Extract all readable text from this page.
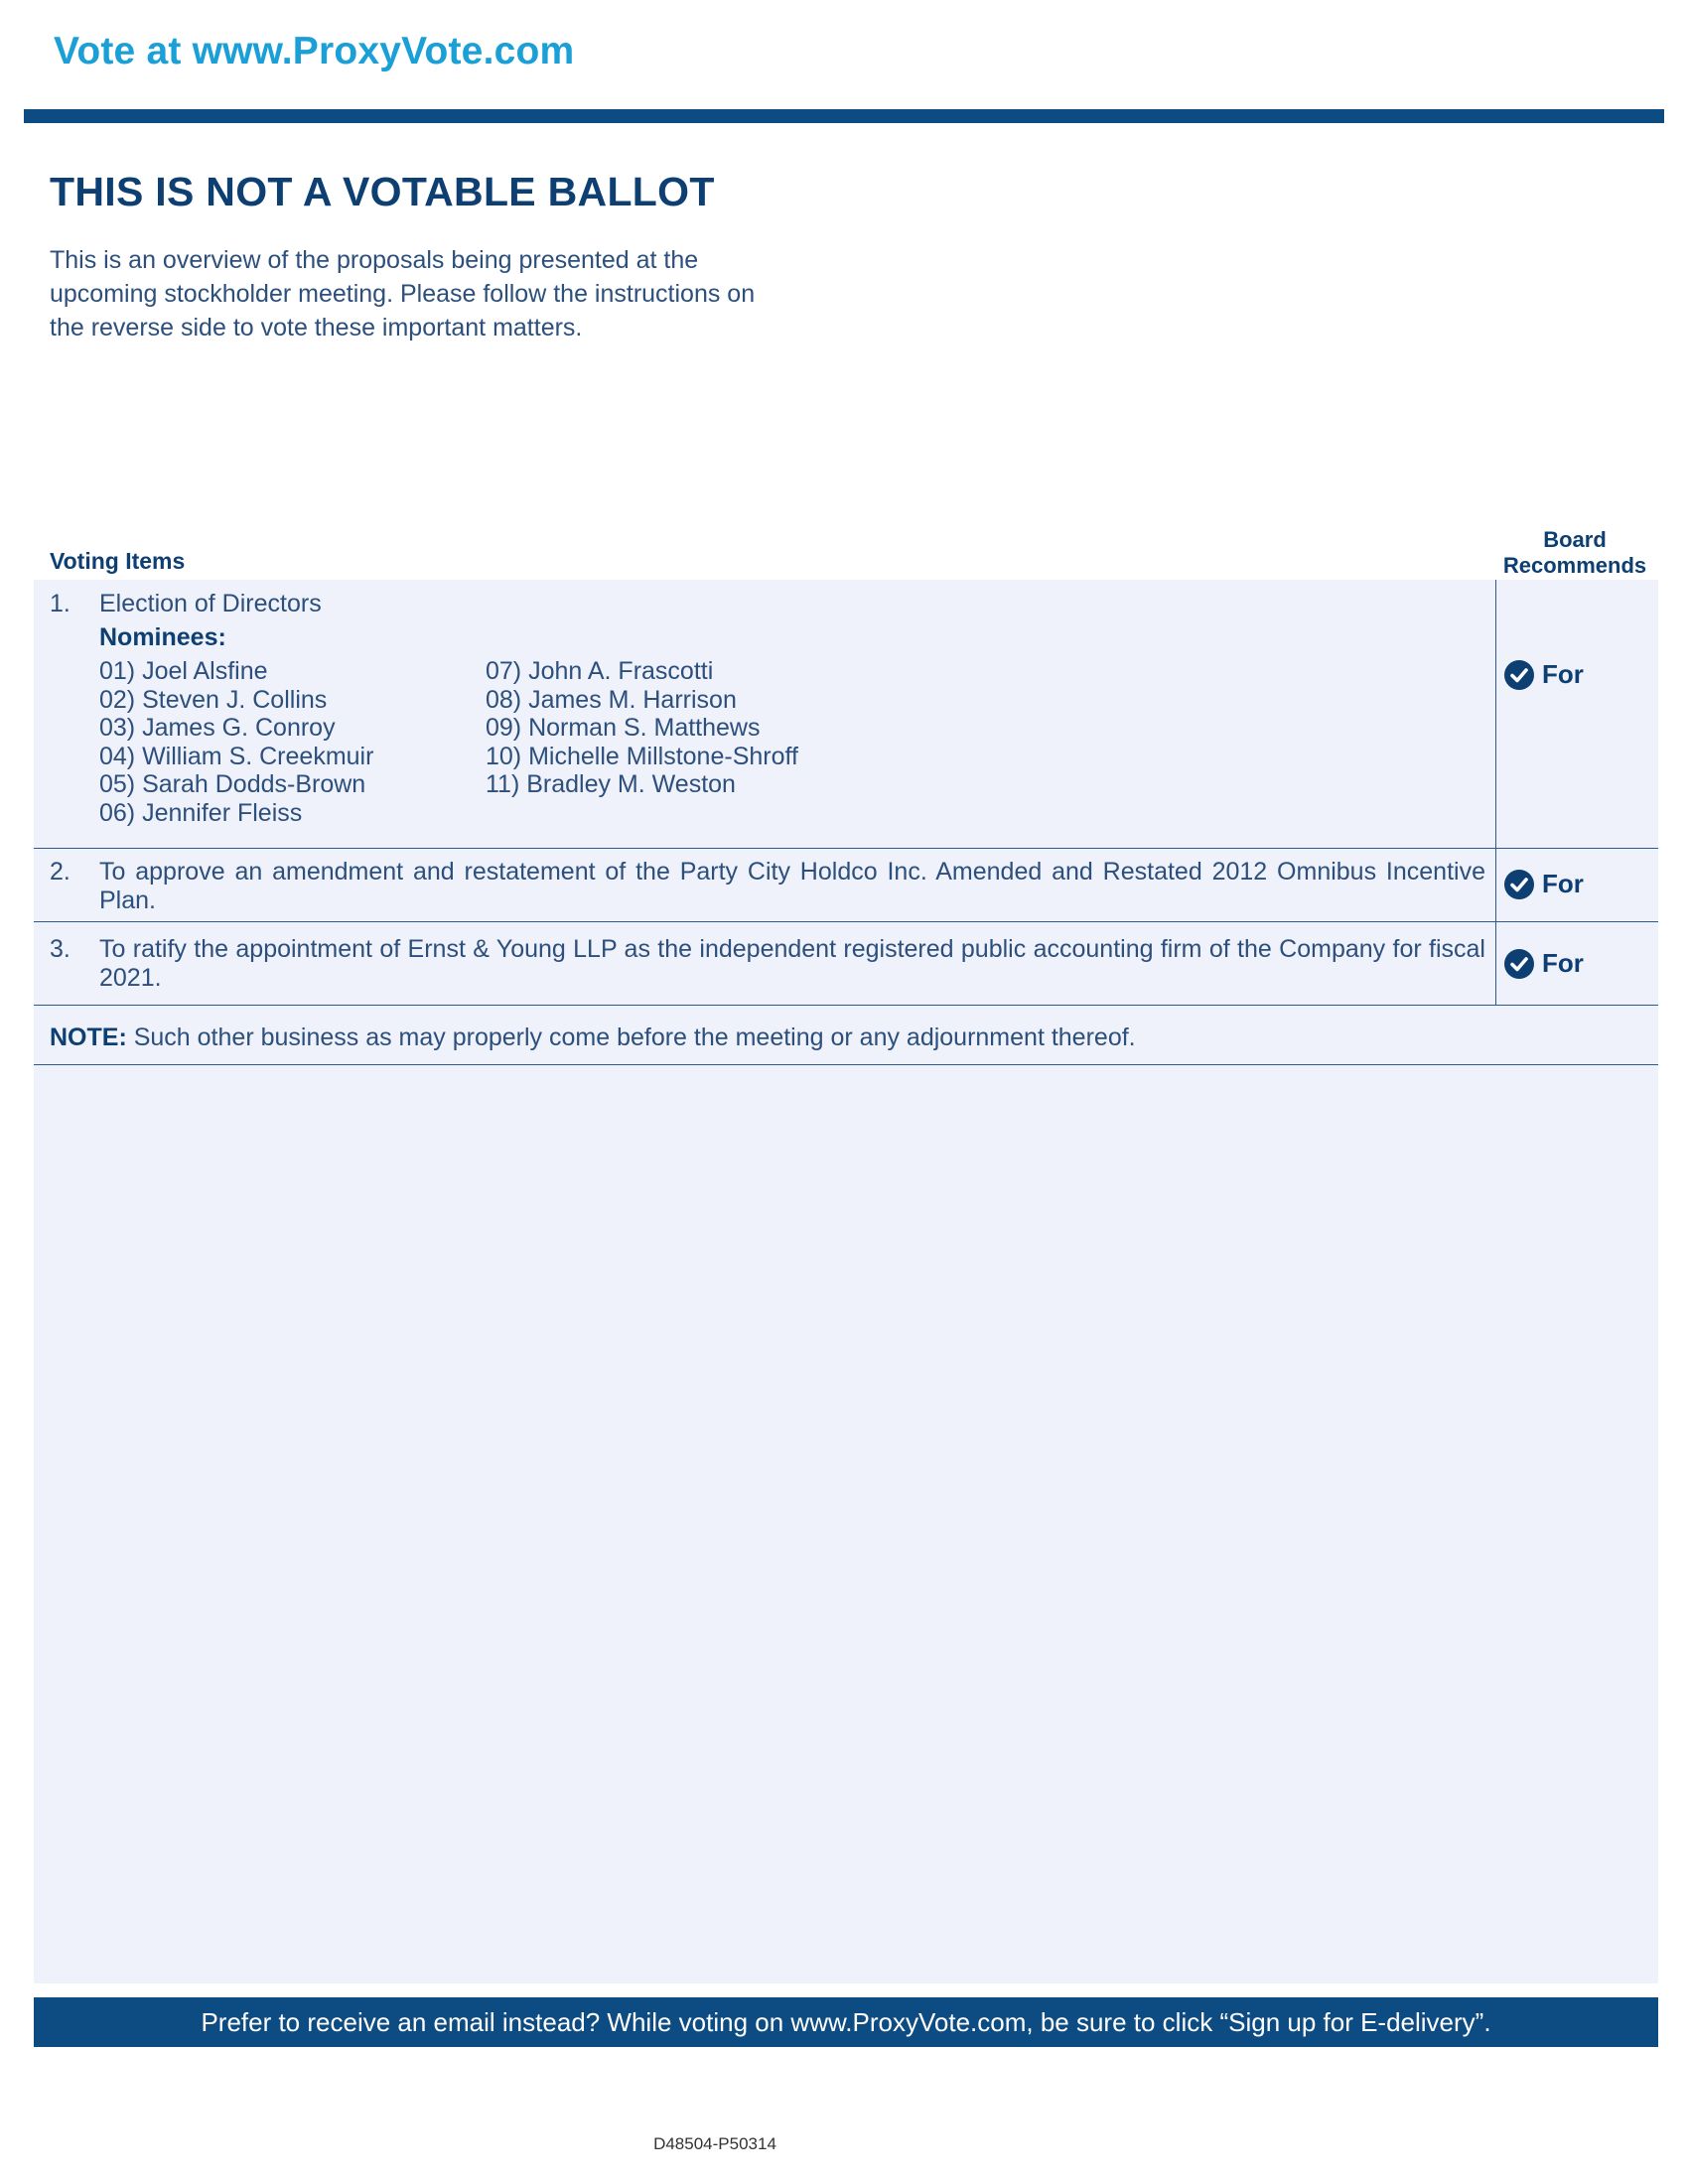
Vote at www.ProxyVote.com
THIS IS NOT A VOTABLE BALLOT
This is an overview of the proposals being presented at the
upcoming stockholder meeting. Please follow the instructions on
the reverse side to vote these important matters.
Voting Items
Board
Recommends
1. Election of Directors
Nominees:
01) Joel Alsfine
02) Steven J. Collins
03) James G. Conroy
04) William S. Creekmuir
05) Sarah Dodds-Brown
06) Jennifer Fleiss
07) John A. Frascotti
08) James M. Harrison
09) Norman S. Matthews
10) Michelle Millstone-Shroff
11) Bradley M. Weston
For
2. To approve an amendment and restatement of the Party City Holdco Inc. Amended and Restated 2012 Omnibus Incentive Plan.
For
3. To ratify the appointment of Ernst & Young LLP as the independent registered public accounting firm of the Company for fiscal 2021.	For
NOTE: Such other business as may properly come before the meeting or any adjournment thereof.
Prefer to receive an email instead? While voting on www.ProxyVote.com, be sure to click “Sign up for E-delivery”.
D48504-P50314
